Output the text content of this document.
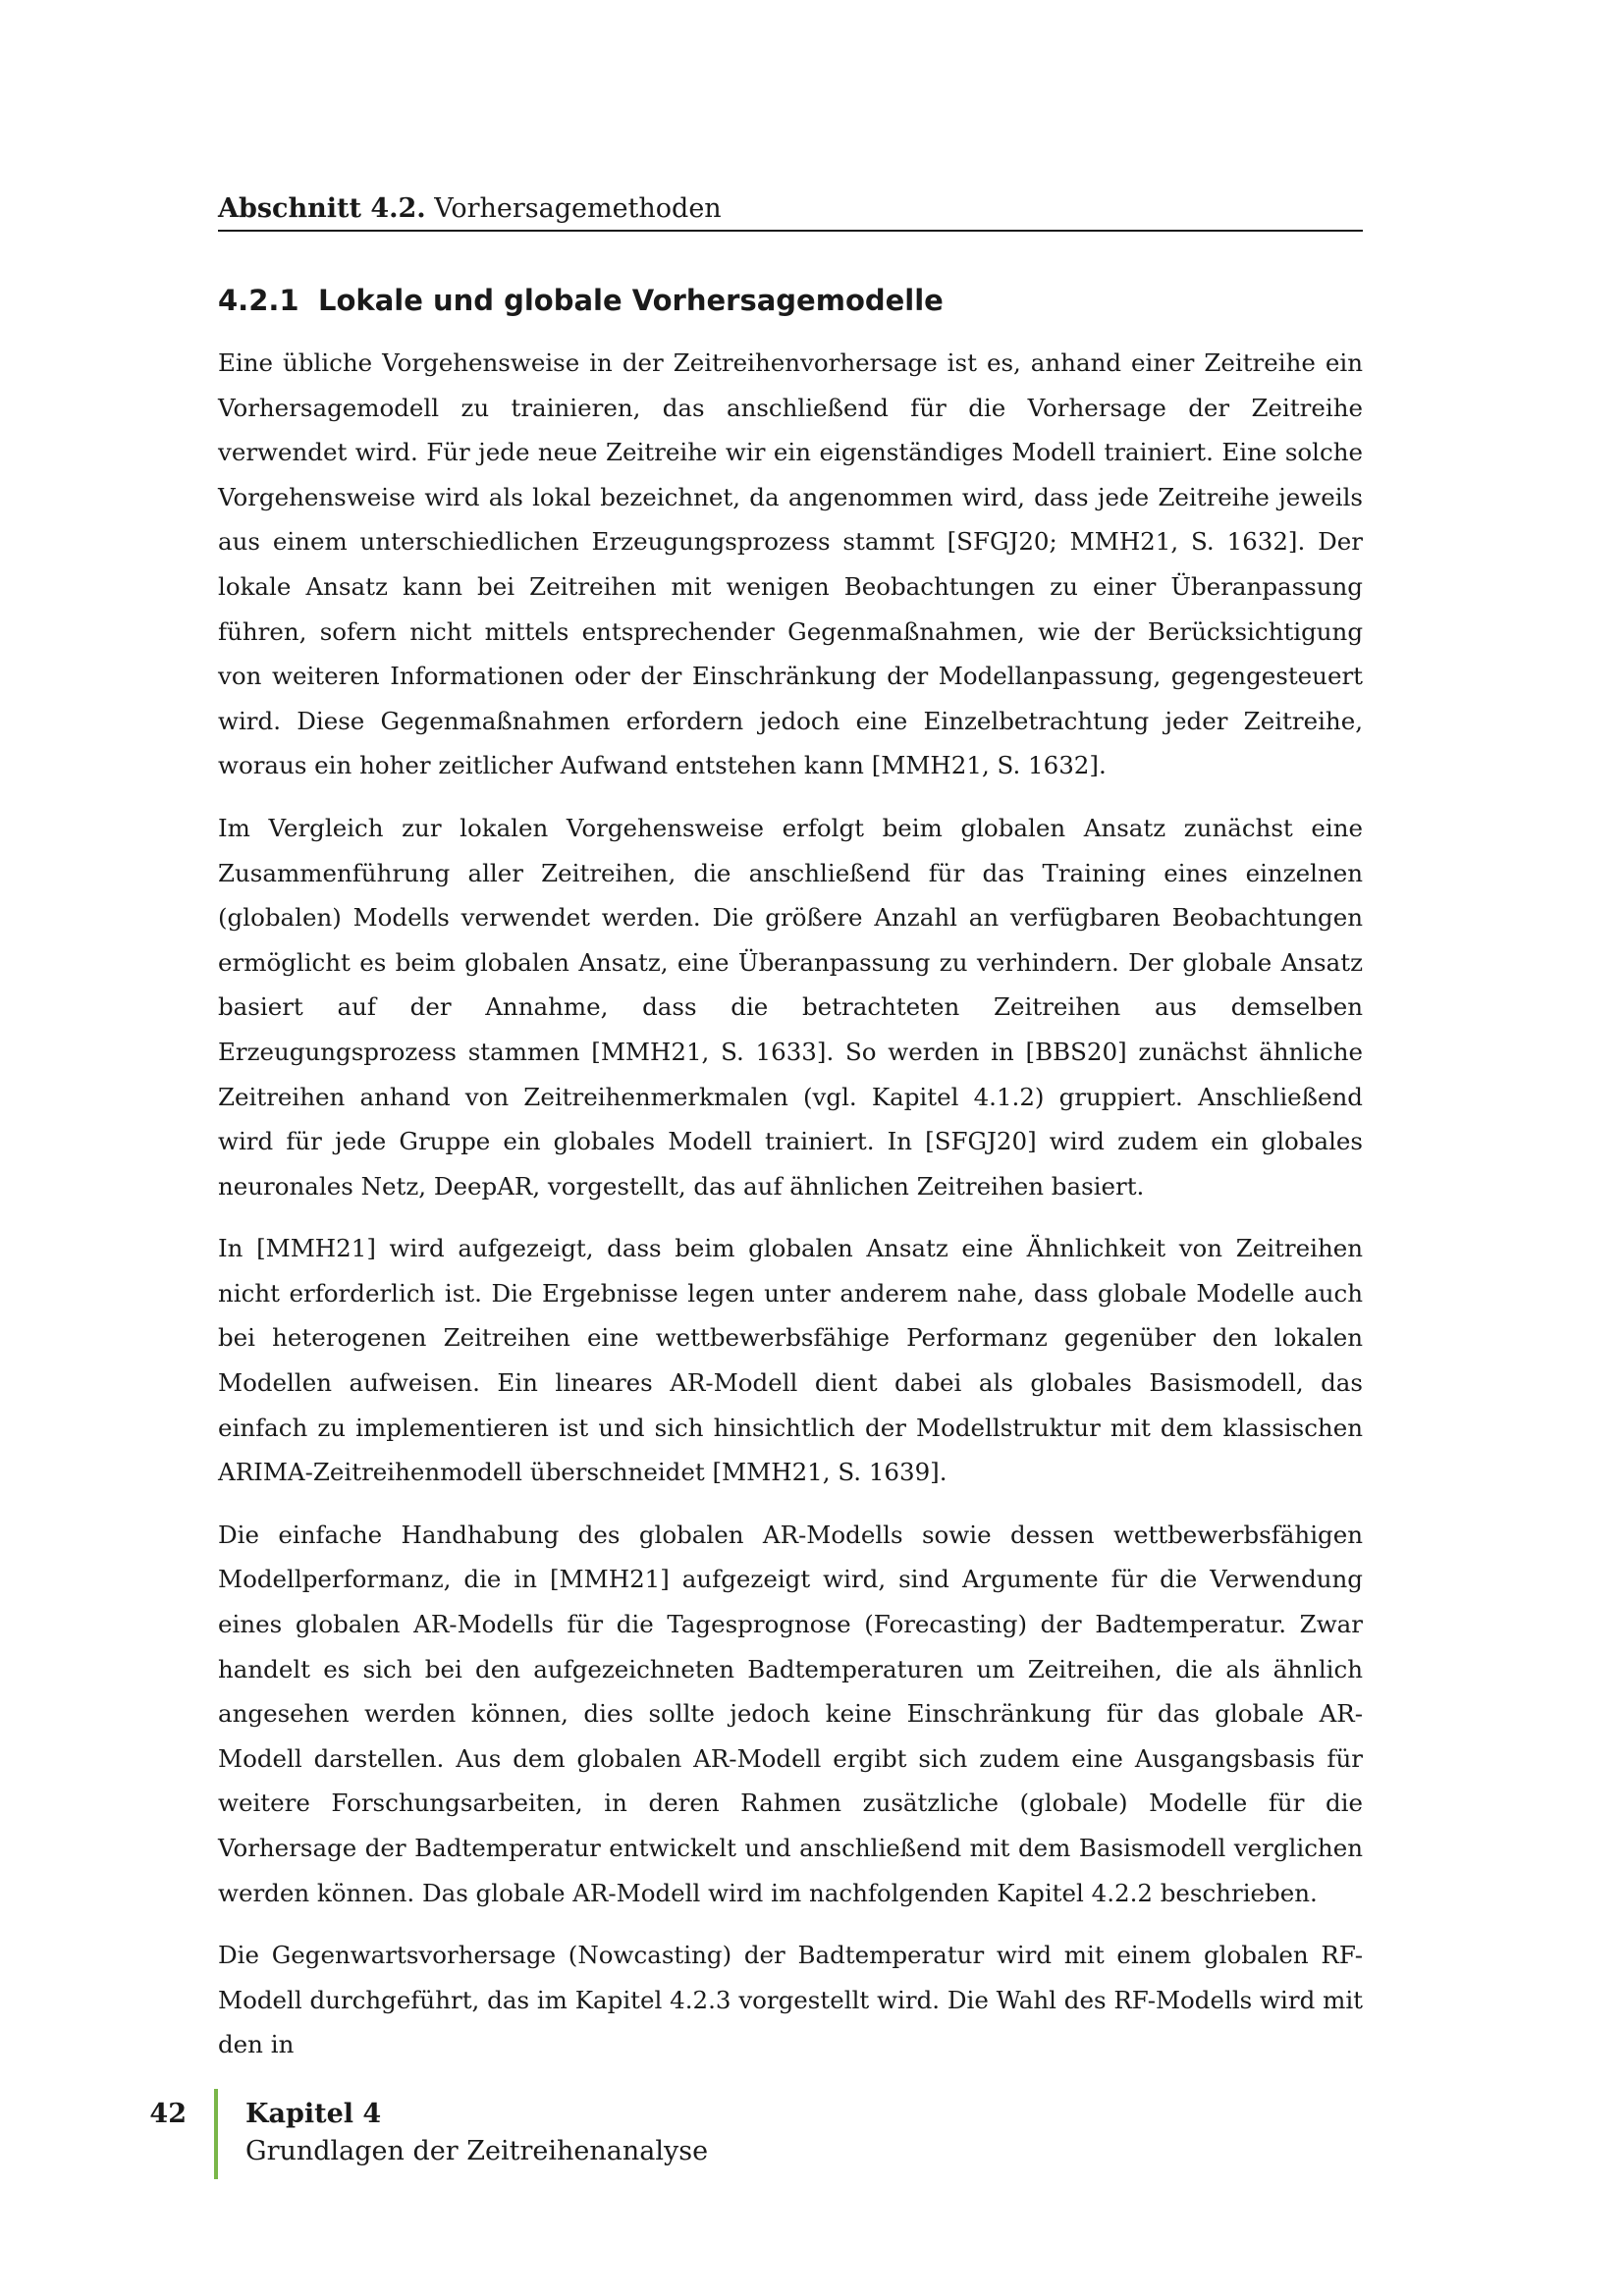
Abschnitt 4.2. Vorhersagemethoden
4.2.1 Lokale und globale Vorhersagemodelle

Eine übliche Vorgehensweise in der Zeitreihenvorhersage ist es, anhand einer Zeitreihe ein Vorhersagemodell zu trainieren, das anschließend für die Vorhersage der Zeitreihe verwendet wird. Für jede neue Zeitreihe wir ein eigenständiges Modell trainiert. Eine solche Vorgehensweise wird als lokal bezeichnet, da angenommen wird, dass jede Zeitreihe jeweils aus einem unterschiedlichen Erzeugungsprozess stammt [SFGJ20; MMH21, S. 1632]. Der lokale Ansatz kann bei Zeitreihen mit wenigen Beobachtungen zu einer Überanpassung führen, sofern nicht mittels entsprechender Gegenmaßnahmen, wie der Berücksichtigung von weiteren Informationen oder der Einschränkung der Modellanpassung, gegengesteuert wird. Diese Gegenmaßnahmen erfordern jedoch eine Einzelbetrachtung jeder Zeitreihe, woraus ein hoher zeitlicher Aufwand entstehen kann [MMH21, S. 1632].

Im Vergleich zur lokalen Vorgehensweise erfolgt beim globalen Ansatz zunächst eine Zusammenführung aller Zeitreihen, die anschließend für das Training eines einzelnen (globalen) Modells verwendet werden. Die größere Anzahl an verfügbaren Beobachtungen ermöglicht es beim globalen Ansatz, eine Überanpassung zu verhindern. Der globale Ansatz basiert auf der Annahme, dass die betrachteten Zeitreihen aus demselben Erzeugungsprozess stammen [MMH21, S. 1633]. So werden in [BBS20] zunächst ähnliche Zeitreihen anhand von Zeitreihenmerkmalen (vgl. Kapitel 4.1.2) gruppiert. Anschließend wird für jede Gruppe ein globales Modell trainiert. In [SFGJ20] wird zudem ein globales neuronales Netz, DeepAR, vorgestellt, das auf ähnlichen Zeitreihen basiert.

In [MMH21] wird aufgezeigt, dass beim globalen Ansatz eine Ähnlichkeit von Zeitreihen nicht erforderlich ist. Die Ergebnisse legen unter anderem nahe, dass globale Modelle auch bei heterogenen Zeitreihen eine wettbewerbsfähige Performanz gegenüber den lokalen Modellen aufweisen. Ein lineares AR-Modell dient dabei als globales Basismodell, das einfach zu implementieren ist und sich hinsichtlich der Modellstruktur mit dem klassischen ARIMA-Zeitreihenmodell überschneidet [MMH21, S. 1639].

Die einfache Handhabung des globalen AR-Modells sowie dessen wettbewerbsfähigen Modellperformanz, die in [MMH21] aufgezeigt wird, sind Argumente für die Verwendung eines globalen AR-Modells für die Tagesprognose (Forecasting) der Badtemperatur. Zwar handelt es sich bei den aufgezeichneten Badtemperaturen um Zeitreihen, die als ähnlich angesehen werden können, dies sollte jedoch keine Einschränkung für das globale AR-Modell darstellen. Aus dem globalen AR-Modell ergibt sich zudem eine Ausgangsbasis für weitere Forschungsarbeiten, in deren Rahmen zusätzliche (globale) Modelle für die Vorhersage der Badtemperatur entwickelt und anschließend mit dem Basismodell verglichen werden können. Das globale AR-Modell wird im nachfolgenden Kapitel 4.2.2 beschrieben.

Die Gegenwartsvorhersage (Nowcasting) der Badtemperatur wird mit einem globalen RF-Modell durchgeführt, das im Kapitel 4.2.3 vorgestellt wird. Die Wahl des RF-Modells wird mit den in

42 Kapitel 4
Grundlagen der Zeitreihenanalyse
